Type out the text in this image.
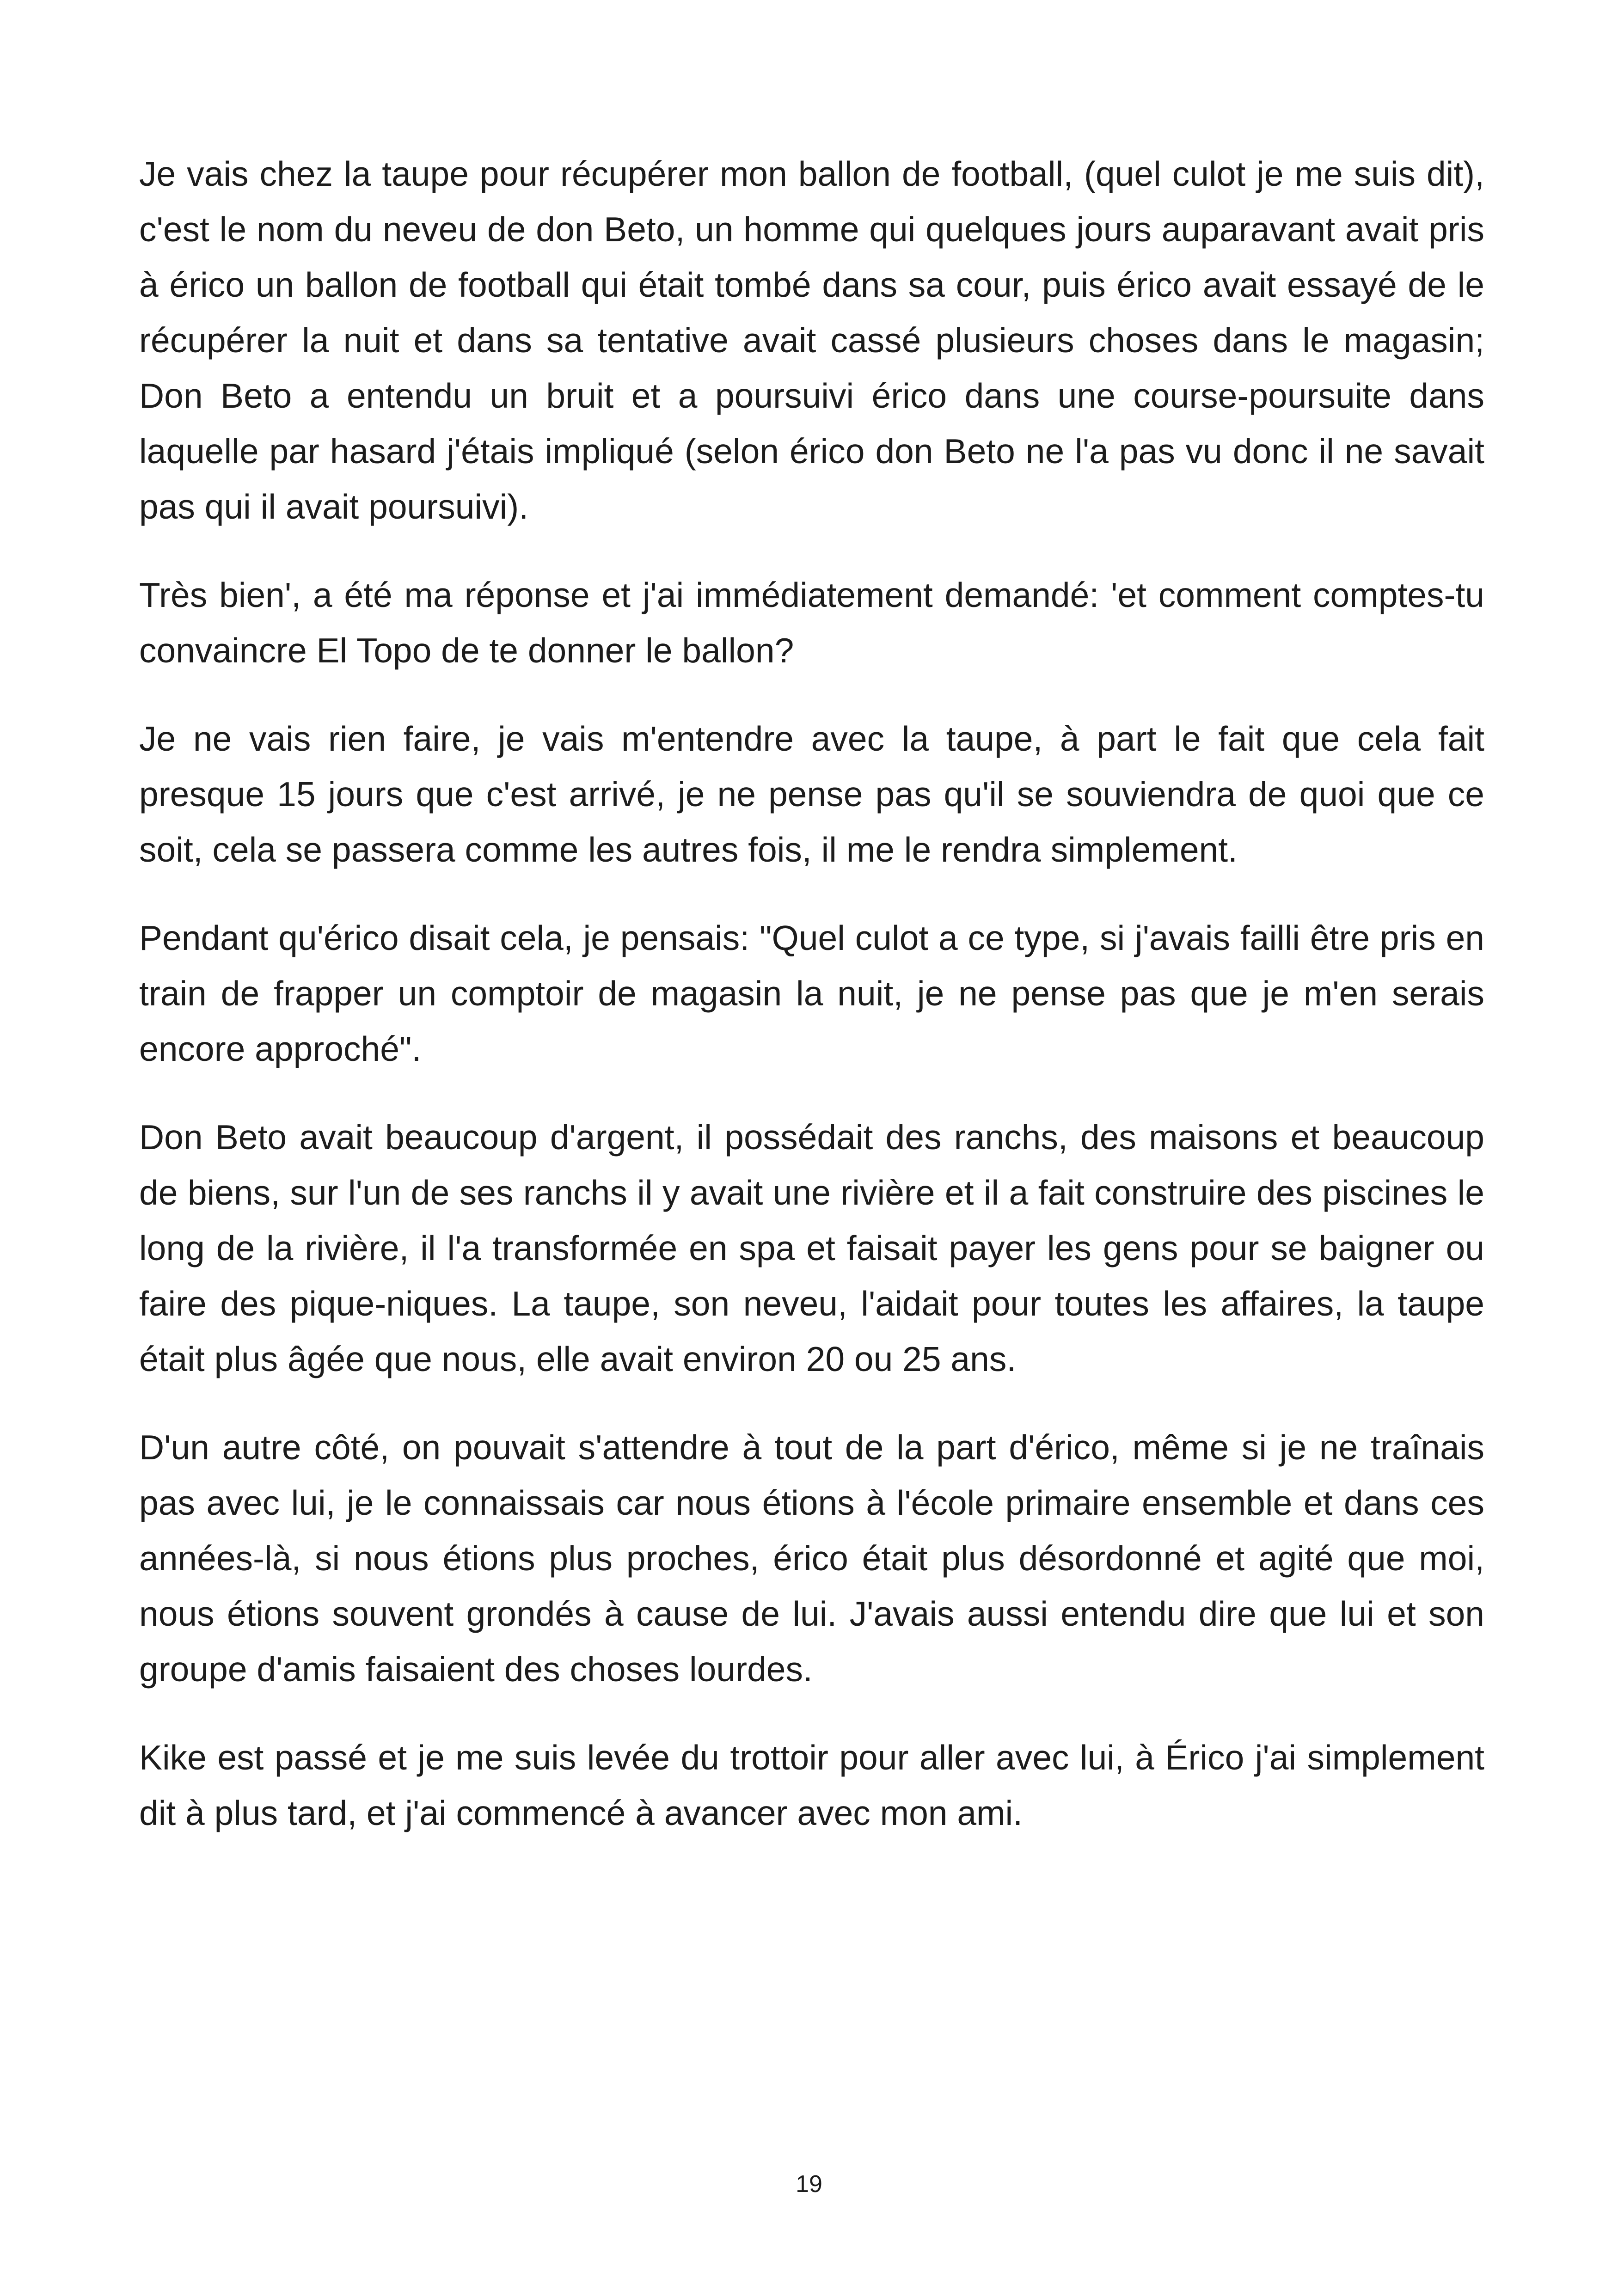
Je vais chez la taupe pour récupérer mon ballon de football, (quel culot je me suis dit), c'est le nom du neveu de don Beto, un homme qui quelques jours auparavant avait pris à érico un ballon de football qui était tombé dans sa cour, puis érico avait essayé de le récupérer la nuit et dans sa tentative avait cassé plusieurs choses dans le magasin; Don Beto a entendu un bruit et a poursuivi érico dans une course-poursuite dans laquelle par hasard j'étais impliqué (selon érico don Beto ne l'a pas vu donc il ne savait pas qui il avait poursuivi).

Très bien', a été ma réponse et j'ai immédiatement demandé: 'et comment comptes-tu convaincre El Topo de te donner le ballon?

Je ne vais rien faire, je vais m'entendre avec la taupe, à part le fait que cela fait presque 15 jours que c'est arrivé, je ne pense pas qu'il se souviendra de quoi que ce soit, cela se passera comme les autres fois, il me le rendra simplement.

Pendant qu'érico disait cela, je pensais: "Quel culot a ce type, si j'avais failli être pris en train de frapper un comptoir de magasin la nuit, je ne pense pas que je m'en serais encore approché".

Don Beto avait beaucoup d'argent, il possédait des ranchs, des maisons et beaucoup de biens, sur l'un de ses ranchs il y avait une rivière et il a fait construire des piscines le long de la rivière, il l'a transformée en spa et faisait payer les gens pour se baigner ou faire des pique-niques. La taupe, son neveu, l'aidait pour toutes les affaires, la taupe était plus âgée que nous, elle avait environ 20 ou 25 ans.

D'un autre côté, on pouvait s'attendre à tout de la part d'érico, même si je ne traînais pas avec lui, je le connaissais car nous étions à l'école primaire ensemble et dans ces années-là, si nous étions plus proches, érico était plus désordonné et agité que moi, nous étions souvent grondés à cause de lui. J'avais aussi entendu dire que lui et son groupe d'amis faisaient des choses lourdes.

Kike est passé et je me suis levée du trottoir pour aller avec lui, à Érico j'ai simplement dit à plus tard, et j'ai commencé à avancer avec mon ami.

19
